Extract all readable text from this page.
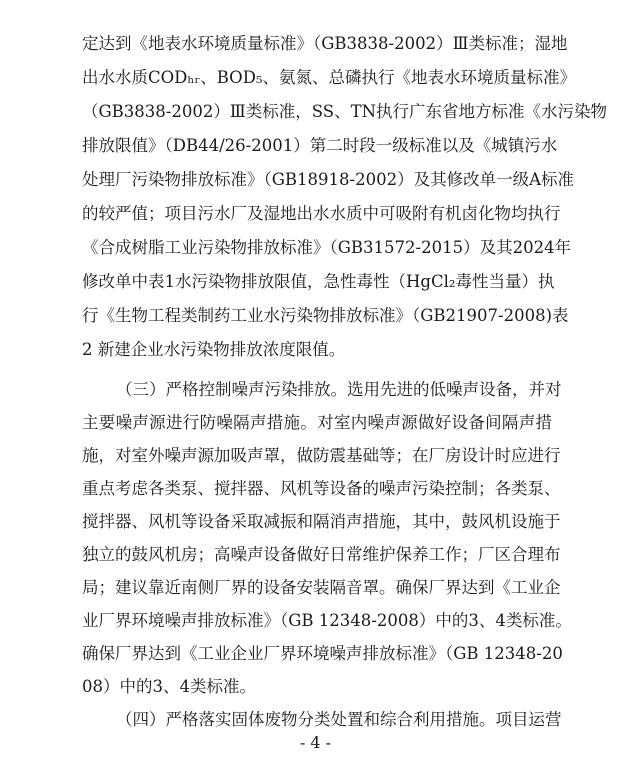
定达到《地表水环境质量标准》（GB3838-2002）Ⅲ类标准；湿地
出水水质CODₕᵣ、BOD₅、氨氮、总磷执行《地表水环境质量标准》
（GB3838-2002）Ⅲ类标准，SS、TN执行广东省地方标准《水污染物
排放限值》（DB44/26-2001）第二时段一级标准以及《城镇污水
处理厂污染物排放标准》（GB18918-2002）及其修改单一级A标准
的较严值；项目污水厂及湿地出水水质中可吸附有机卤化物均执行
《合成树脂工业污染物排放标准》（GB31572-2015）及其2024年
修改单中表1水污染物排放限值，急性毒性（HgCl₂毒性当量）执
行《生物工程类制药工业水污染物排放标准》（GB21907-2008)表
2 新建企业水污染物排放浓度限值。
（三）严格控制噪声污染排放。选用先进的低噪声设备，并对
主要噪声源进行防噪隔声措施。对室内噪声源做好设备间隔声措
施，对室外噪声源加吸声罩，做防震基础等；在厂房设计时应进行
重点考虑各类泵、搅拌器、风机等设备的噪声污染控制；各类泵、
搅拌器、风机等设备采取减振和隔消声措施，其中，鼓风机设施于
独立的鼓风机房；高噪声设备做好日常维护保养工作；厂区合理布
局；建议靠近南侧厂界的设备安装隔音罩。确保厂界达到《工业企
业厂界环境噪声排放标准》（GB 12348-2008）中的3、4类标准。
确保厂界达到《工业企业厂界环境噪声排放标准》（GB 12348-20
08）中的3、4类标准。
（四）严格落实固体废物分类处置和综合利用措施。项目运营
- 4 -
